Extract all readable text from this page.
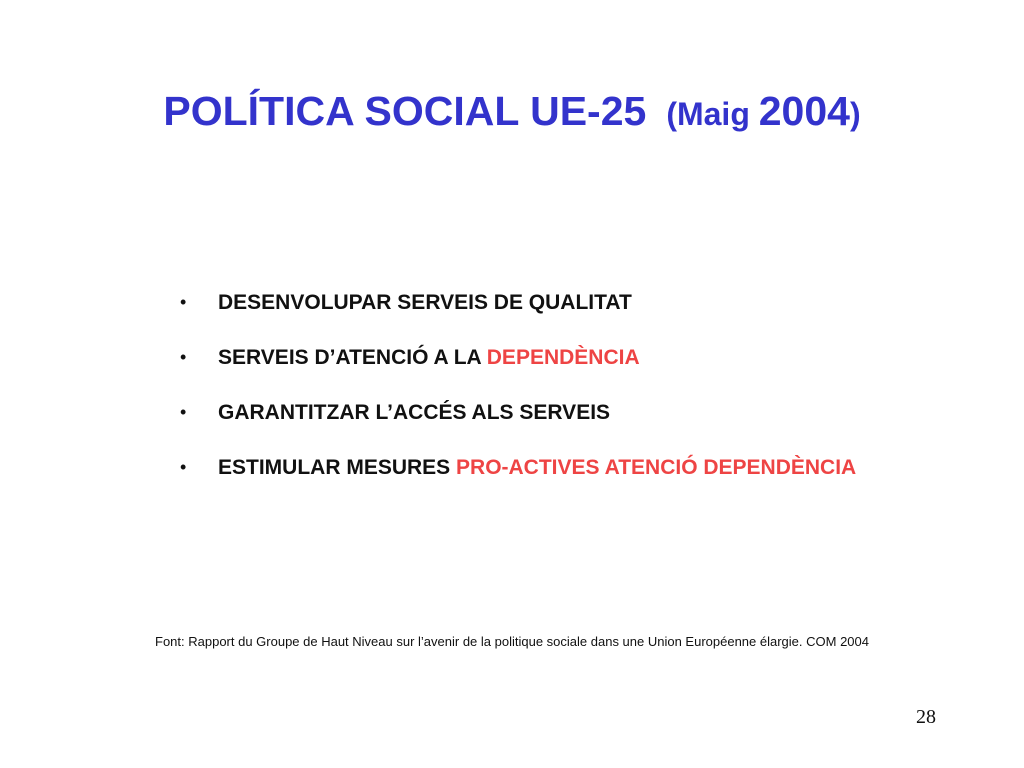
POLÍTICA SOCIAL UE-25 (Maig 2004)
• DESENVOLUPAR SERVEIS DE QUALITAT
• SERVEIS D’ATENCIÓ A LA DEPENDÈNCIA
• GARANTITZAR L’ACCÉS ALS SERVEIS
• ESTIMULAR MESURES PRO-ACTIVES ATENCIÓ DEPENDÈNCIA
Font: Rapport du Groupe de Haut Niveau sur l’avenir de la politique sociale dans une Union Européenne élargie. COM 2004
28
